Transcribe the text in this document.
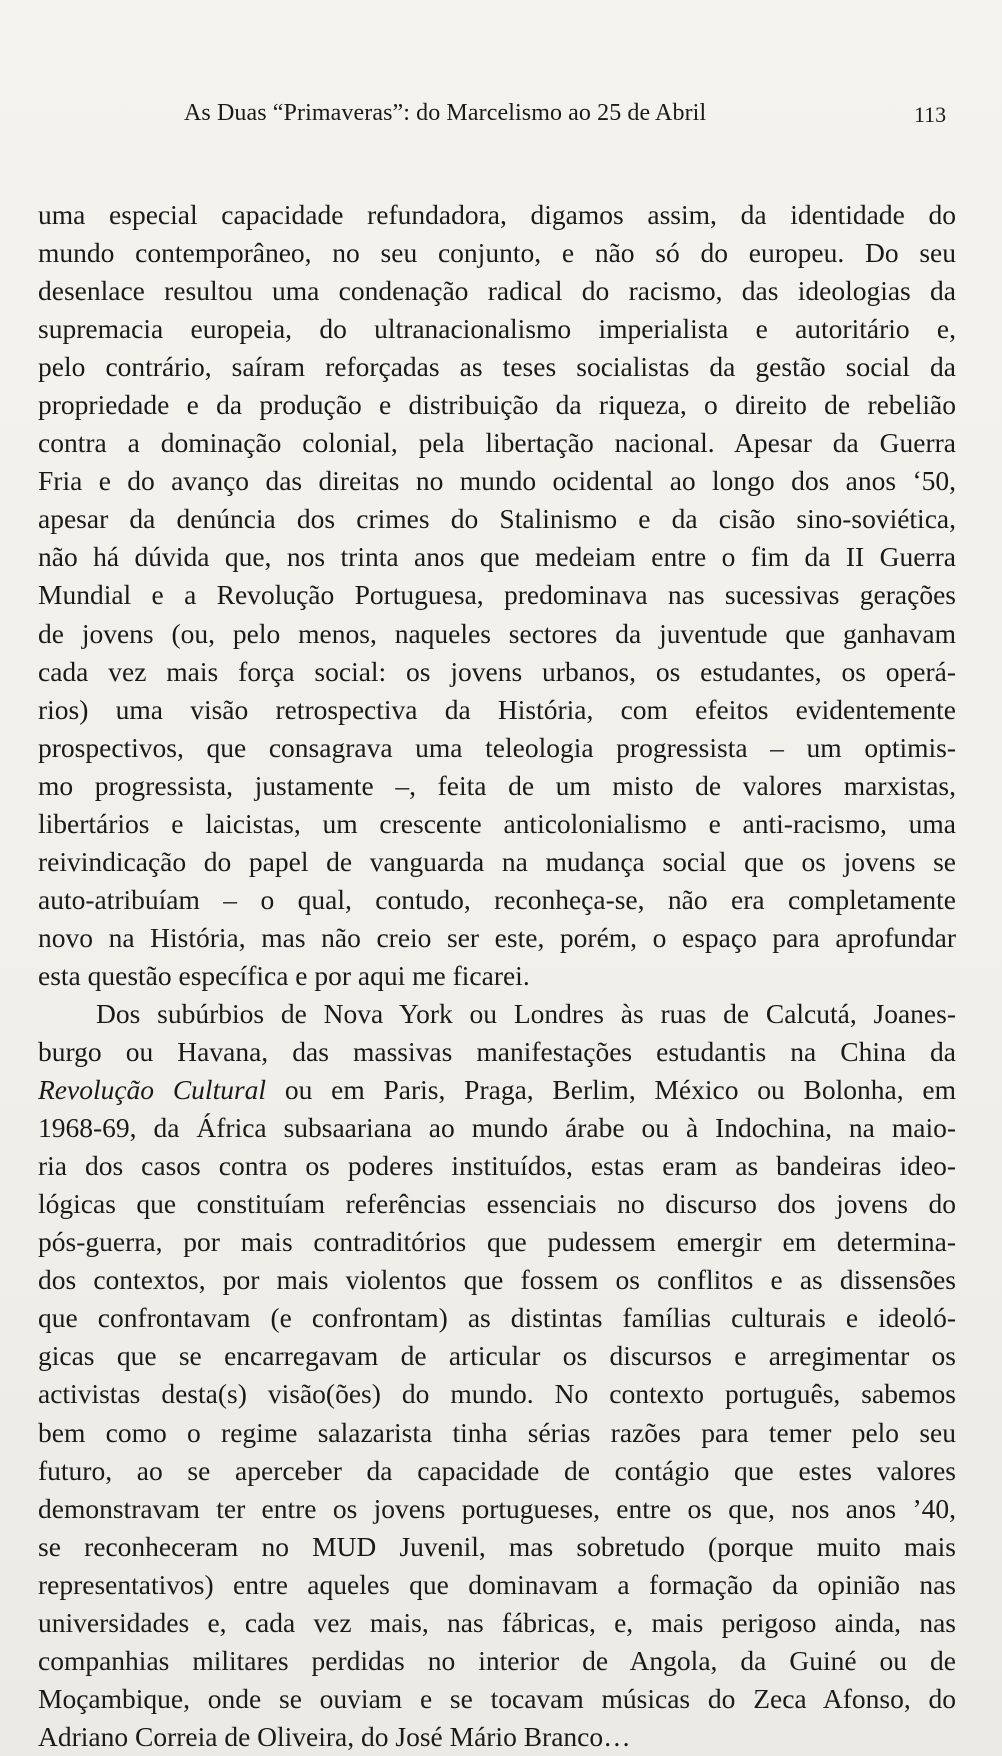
As Duas “Primaveras”: do Marcelismo ao 25 de Abril	113
uma especial capacidade refundadora, digamos assim, da identidade do
mundo contemporâneo, no seu conjunto, e não só do europeu. Do seu
desenlace resultou uma condenação radical do racismo, das ideologias da
supremacia europeia, do ultranacionalismo imperialista e autoritário e,
pelo contrário, saíram reforçadas as teses socialistas da gestão social da
propriedade e da produção e distribuição da riqueza, o direito de rebelião
contra a dominação colonial, pela libertação nacional. Apesar da Guerra
Fria e do avanço das direitas no mundo ocidental ao longo dos anos ‘50,
apesar da denúncia dos crimes do Stalinismo e da cisão sino-soviética,
não há dúvida que, nos trinta anos que medeiam entre o fim da II Guerra
Mundial e a Revolução Portuguesa, predominava nas sucessivas gerações
de jovens (ou, pelo menos, naqueles sectores da juventude que ganhavam
cada vez mais força social: os jovens urbanos, os estudantes, os operá-
rios) uma visão retrospectiva da História, com efeitos evidentemente
prospectivos, que consagrava uma teleologia progressista – um optimis-
mo progressista, justamente –, feita de um misto de valores marxistas,
libertários e laicistas, um crescente anticolonialismo e anti-racismo, uma
reivindicação do papel de vanguarda na mudança social que os jovens se
auto-atribuíam – o qual, contudo, reconheça-se, não era completamente
novo na História, mas não creio ser este, porém, o espaço para aprofundar
esta questão específica e por aqui me ficarei.
Dos subúrbios de Nova York ou Londres às ruas de Calcutá, Joanes-
burgo ou Havana, das massivas manifestações estudantis na China da
Revolução Cultural ou em Paris, Praga, Berlim, México ou Bolonha, em
1968-69, da África subsaariana ao mundo árabe ou à Indochina, na maio-
ria dos casos contra os poderes instituídos, estas eram as bandeiras ideo-
lógicas que constituíam referências essenciais no discurso dos jovens do
pós-guerra, por mais contraditórios que pudessem emergir em determina-
dos contextos, por mais violentos que fossem os conflitos e as dissensões
que confrontavam (e confrontam) as distintas famílias culturais e ideoló-
gicas que se encarregavam de articular os discursos e arregimentar os
activistas desta(s) visão(ões) do mundo. No contexto português, sabemos
bem como o regime salazarista tinha sérias razões para temer pelo seu
futuro, ao se aperceber da capacidade de contágio que estes valores
demonstravam ter entre os jovens portugueses, entre os que, nos anos ’40,
se reconheceram no MUD Juvenil, mas sobretudo (porque muito mais
representativos) entre aqueles que dominavam a formação da opinião nas
universidades e, cada vez mais, nas fábricas, e, mais perigoso ainda, nas
companhias militares perdidas no interior de Angola, da Guiné ou de
Moçambique, onde se ouviam e se tocavam músicas do Zeca Afonso, do
Adriano Correia de Oliveira, do José Mário Branco…
